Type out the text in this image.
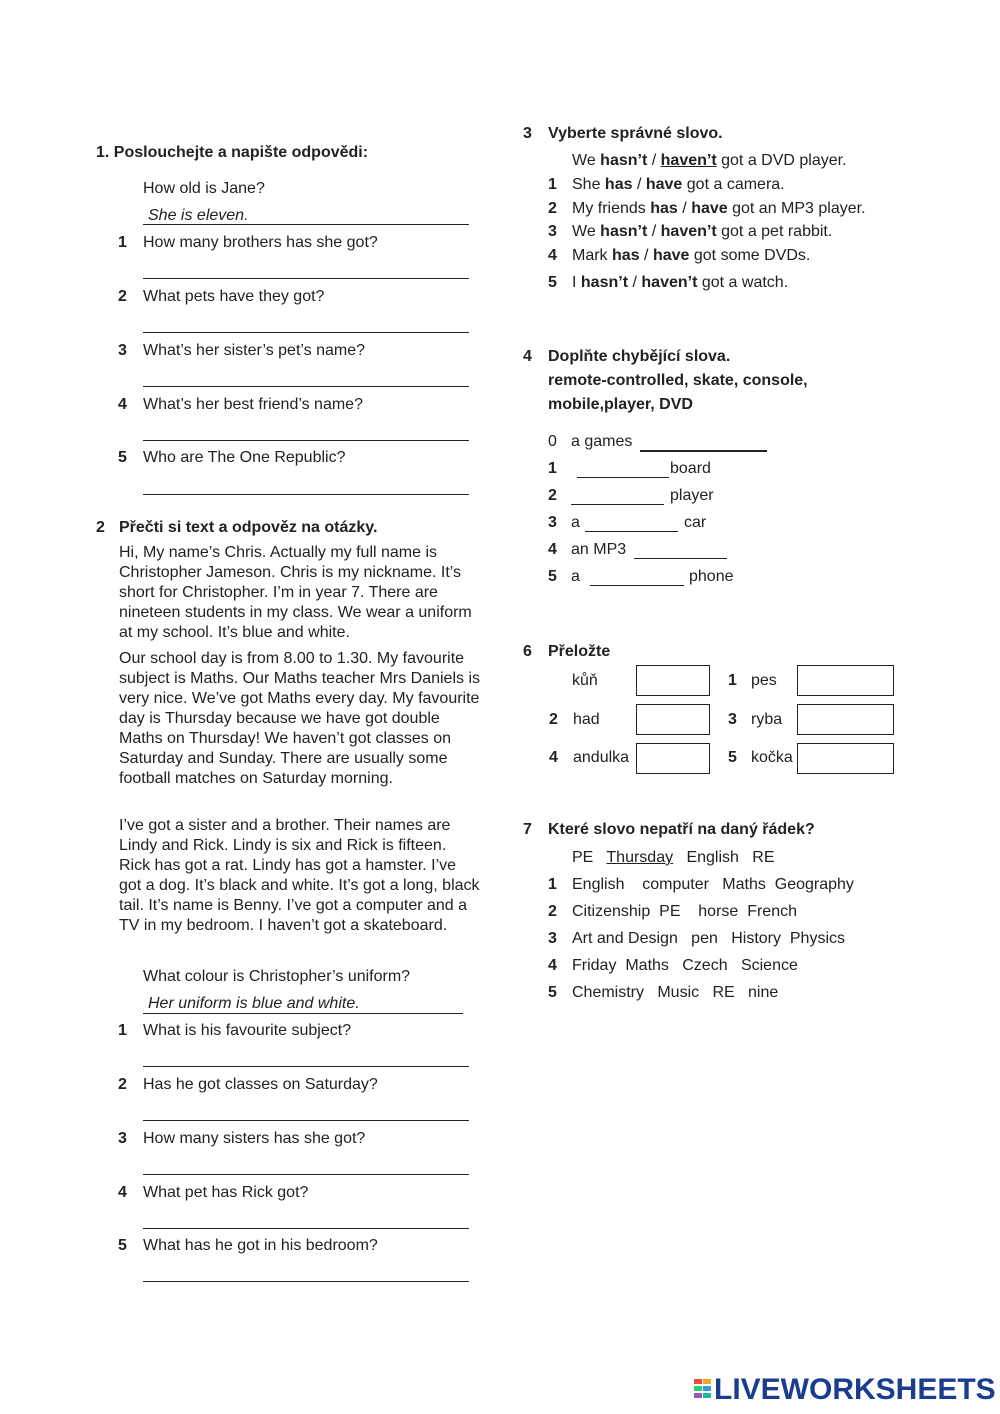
1. Poslouchejte a napište odpovědi:
How old is Jane?
She is eleven.
1 How many brothers has she got?
2 What pets have they got?
3 What’s her sister’s pet’s name?
4 What’s her best friend’s name?
5 Who are The One Republic?
2 Přečti si text a odpověz na otázky.
Hi, My name’s Chris. Actually my full name is Christopher Jameson. Chris is my nickname. It’s short for Christopher. I’m in year 7. There are nineteen students in my class. We wear a uniform at my school. It’s blue and white.
Our school day is from 8.00 to 1.30. My favourite subject is Maths. Our Maths teacher Mrs Daniels is very nice. We’ve got Maths every day. My favourite day is Thursday because we have got double Maths on Thursday! We haven’t got classes on Saturday and Sunday. There are usually some football matches on Saturday morning.
I’ve got a sister and a brother. Their names are Lindy and Rick. Lindy is six and Rick is fifteen. Rick has got a rat. Lindy has got a hamster. I’ve got a dog. It’s black and white. It’s got a long, black tail. It’s name is Benny. I’ve got a computer and a TV in my bedroom. I haven’t got a skateboard.
What colour is Christopher’s uniform?
Her uniform is blue and white.
1 What is his favourite subject?
2 Has he got classes on Saturday?
3 How many sisters has she got?
4 What pet has Rick got?
5 What has he got in his bedroom?
3 Vyberte správné slovo.
We hasn’t / haven’t got a DVD player.
1 She has / have got a camera.
2 My friends has / have got an MP3 player.
3 We hasn’t / haven’t got a pet rabbit.
4 Mark has / have got some DVDs.
5 I hasn’t / haven’t got a watch.
4 Doplňte chybějící slova.
remote-controlled, skate, console,
mobile,player, DVD
0 a games
1	board
2	player
3 a	car
4 an MP3
5 a	phone
6 Přeložte
kůň	1 pes
2 had	3 ryba
4 andulka	5 kočka
7 Které slovo nepatří na daný řádek?
PE Thursday English RE
1 English    computer   Maths  Geography
2 Citizenship  PE    horse  French
3 Art and Design   pen   History  Physics
4 Friday  Maths   Czech   Science
5 Chemistry   Music   RE   nine
LIVEWORKSHEETS
